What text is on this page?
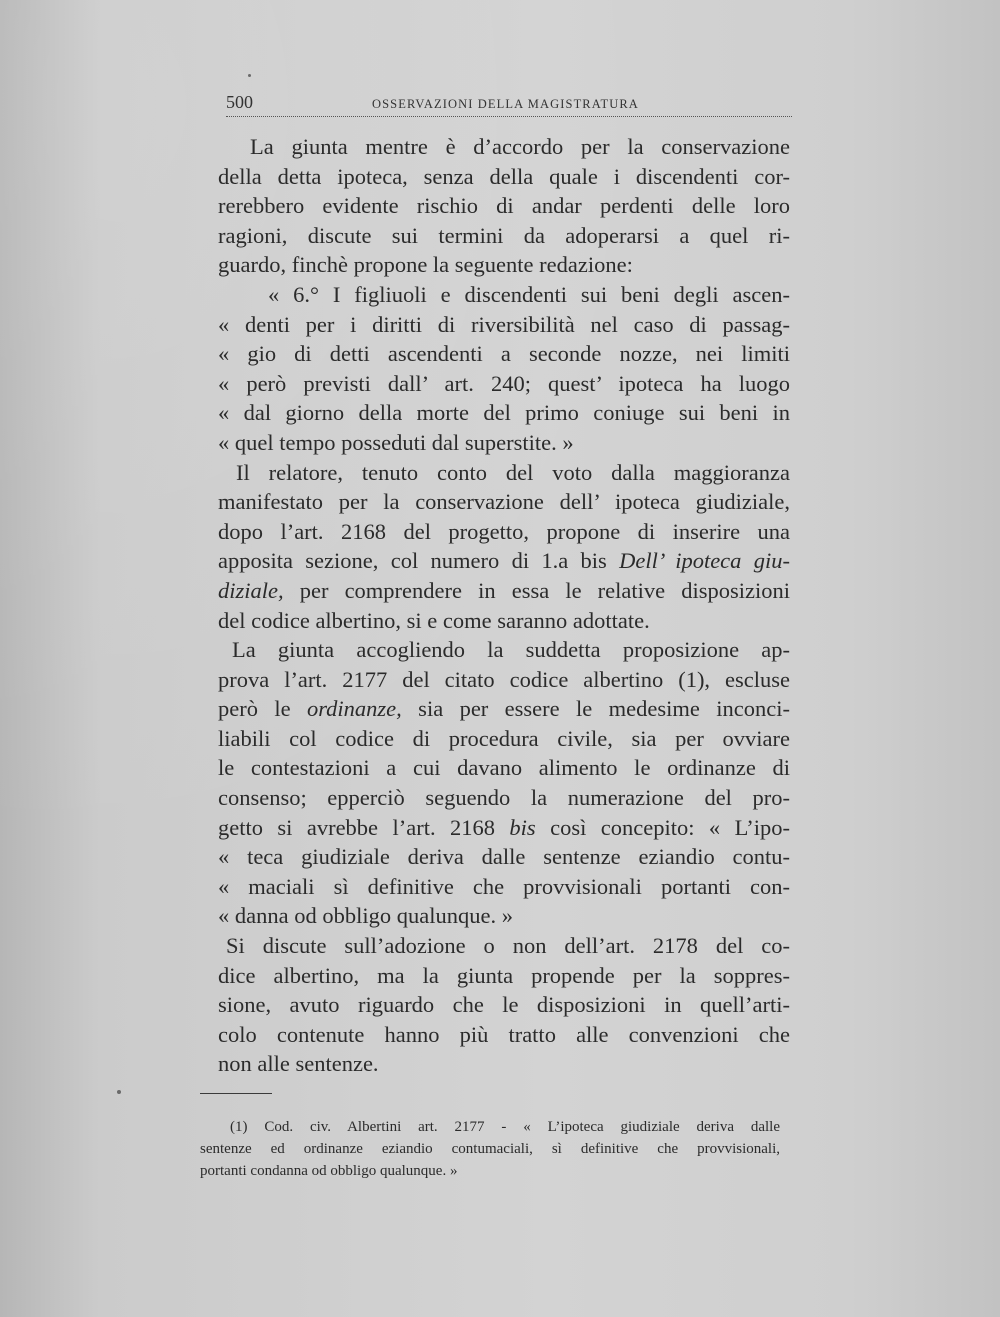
500	OSSERVAZIONI DELLA MAGISTRATURA
La giunta mentre è d’accordo per la conservazione
della detta ipoteca, senza della quale i discendenti cor-
rerebbero evidente rischio di andar perdenti delle loro
ragioni, discute sui termini da adoperarsi a quel ri-
guardo, finchè propone la seguente redazione:
« 6.° I figliuoli e discendenti sui beni degli ascen-
« denti per i diritti di riversibilità nel caso di passag-
« gio di detti ascendenti a seconde nozze, nei limiti
« però previsti dall’ art. 240; quest’ ipoteca ha luogo
« dal giorno della morte del primo coniuge sui beni in
« quel tempo posseduti dal superstite. »
Il relatore, tenuto conto del voto dalla maggioranza
manifestato per la conservazione dell’ ipoteca giudiziale,
dopo l’art. 2168 del progetto, propone di inserire una
apposita sezione, col numero di 1.a bis Dell’ ipoteca giu-
diziale, per comprendere in essa le relative disposizioni
del codice albertino, si e come saranno adottate.
La giunta accogliendo la suddetta proposizione ap-
prova l’art. 2177 del citato codice albertino (1), escluse
però le ordinanze, sia per essere le medesime inconci-
liabili col codice di procedura civile, sia per ovviare
le contestazioni a cui davano alimento le ordinanze di
consenso; epperciò seguendo la numerazione del pro-
getto si avrebbe l’art. 2168 bis così concepito: « L’ipo-
« teca giudiziale deriva dalle sentenze eziandio contu-
« maciali sì definitive che provvisionali portanti con-
« danna od obbligo qualunque. »
Si discute sull’adozione o non dell’art. 2178 del co-
dice albertino, ma la giunta propende per la soppres-
sione, avuto riguardo che le disposizioni in quell’arti-
colo contenute hanno più tratto alle convenzioni che
non alle sentenze.
(1) Cod. civ. Albertini art. 2177 - « L’ipoteca giudiziale deriva dalle
sentenze ed ordinanze eziandio contumaciali, sì definitive che provvisionali,
portanti condanna od obbligo qualunque. »
